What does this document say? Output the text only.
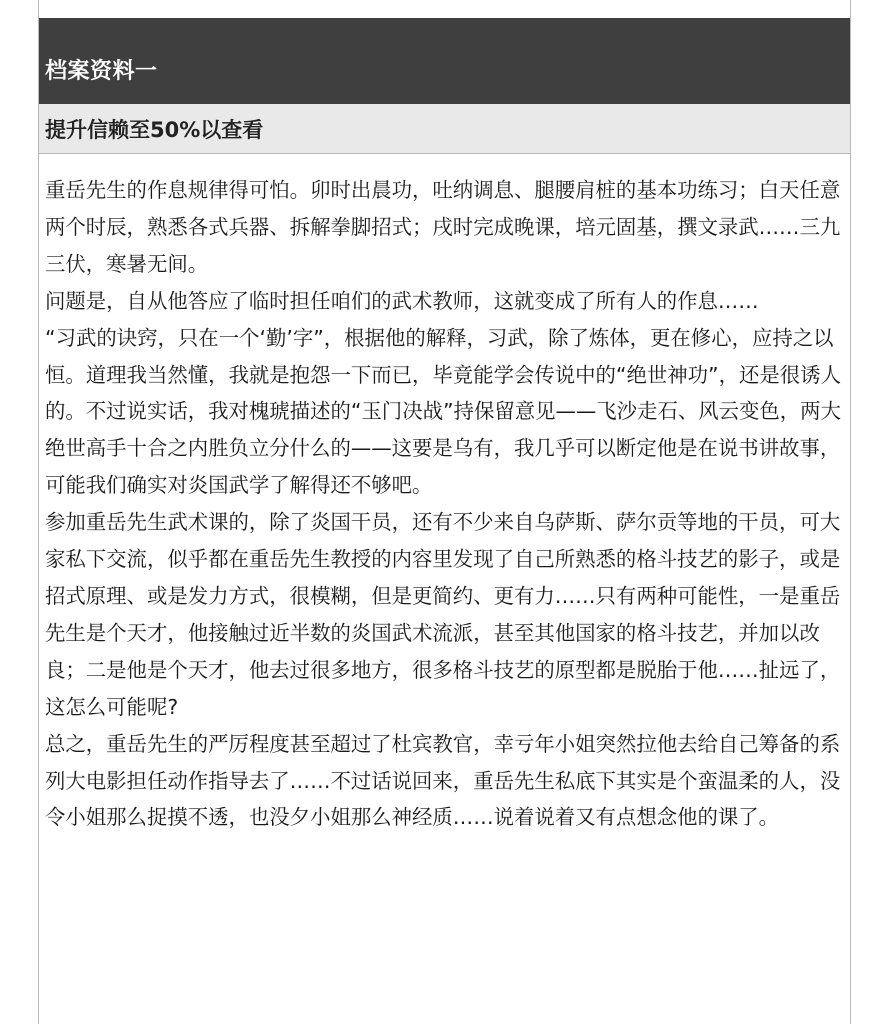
档案资料一
提升信赖至50%以查看

重岳先生的作息规律得可怕。卯时出晨功，吐纳调息、腿腰肩桩的基本功练习；白天任意两个时辰，熟悉各式兵器、拆解拳脚招式；戌时完成晚课，培元固基，撰文录武……三九三伏，寒暑无间。

问题是，自从他答应了临时担任咱们的武术教师，这就变成了所有人的作息……

“习武的诀窍，只在一个‘勤’字”，根据他的解释，习武，除了炼体，更在修心，应持之以恒。道理我当然懂，我就是抱怨一下而已，毕竟能学会传说中的“绝世神功”，还是很诱人的。不过说实话，我对槐琥描述的“玉门决战”持保留意见——飞沙走石、风云变色，两大绝世高手十合之内胜负立分什么的——这要是乌有，我几乎可以断定他是在说书讲故事，可能我们确实对炎国武学了解得还不够吧。

参加重岳先生武术课的，除了炎国干员，还有不少来自乌萨斯、萨尔贡等地的干员，可大家私下交流，似乎都在重岳先生教授的内容里发现了自己所熟悉的格斗技艺的影子，或是招式原理、或是发力方式，很模糊，但是更简约、更有力……只有两种可能性，一是重岳先生是个天才，他接触过近半数的炎国武术流派，甚至其他国家的格斗技艺，并加以改良；二是他是个天才，他去过很多地方，很多格斗技艺的原型都是脱胎于他……扯远了，这怎么可能呢?

总之，重岳先生的严厉程度甚至超过了杜宾教官，幸亏年小姐突然拉他去给自己筹备的系列大电影担任动作指导去了……不过话说回来，重岳先生私底下其实是个蛮温柔的人，没令小姐那么捉摸不透，也没夕小姐那么神经质……说着说着又有点想念他的课了。
